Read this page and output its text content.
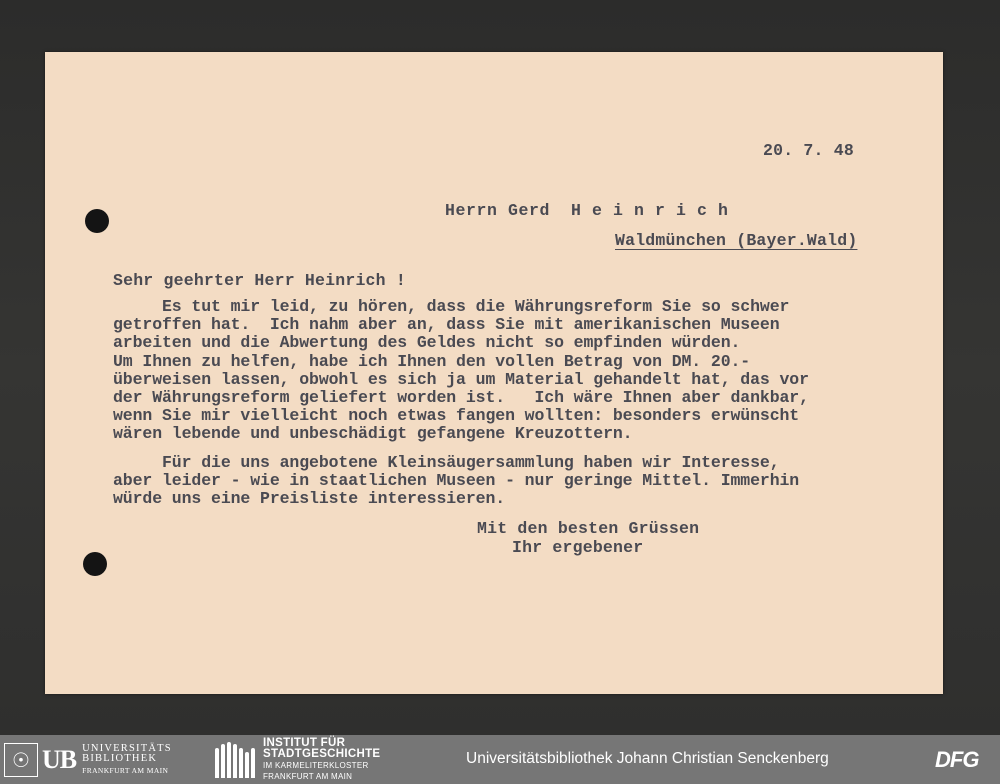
20. 7. 48
Herrn Gerd  H e i n r i c h
Waldmünchen (Bayer.Wald)
Sehr geehrter Herr Heinrich !
Es tut mir leid, zu hören, dass die Währungsreform Sie so schwer
getroffen hat.  Ich nahm aber an, dass Sie mit amerikanischen Museen
arbeiten und die Abwertung des Geldes nicht so empfinden würden.
Um Ihnen zu helfen, habe ich Ihnen den vollen Betrag von DM. 20.-
überweisen lassen, obwohl es sich ja um Material gehandelt hat, das vor
der Währungsreform geliefert worden ist.   Ich wäre Ihnen aber dankbar,
wenn Sie mir vielleicht noch etwas fangen wollten: besonders erwünscht
wären lebende und unbeschädigt gefangene Kreuzottern.
Für die uns angebotene Kleinsäugersammlung haben wir Interesse,
aber leider - wie in staatlichen Museen - nur geringe Mittel. Immerhin
würde uns eine Preisliste interessieren.
Mit den besten Grüssen
Ihr ergebener
☉ UB UNIVERSITÄTS
BIBLIOTHEK
FRANKFURT AM MAIN
INSTITUT FÜR
STADTGESCHICHTE
IM KARMELITERKLOSTER
FRANKFURT AM MAIN
Universitätsbibliothek Johann Christian Senckenberg	DFG
